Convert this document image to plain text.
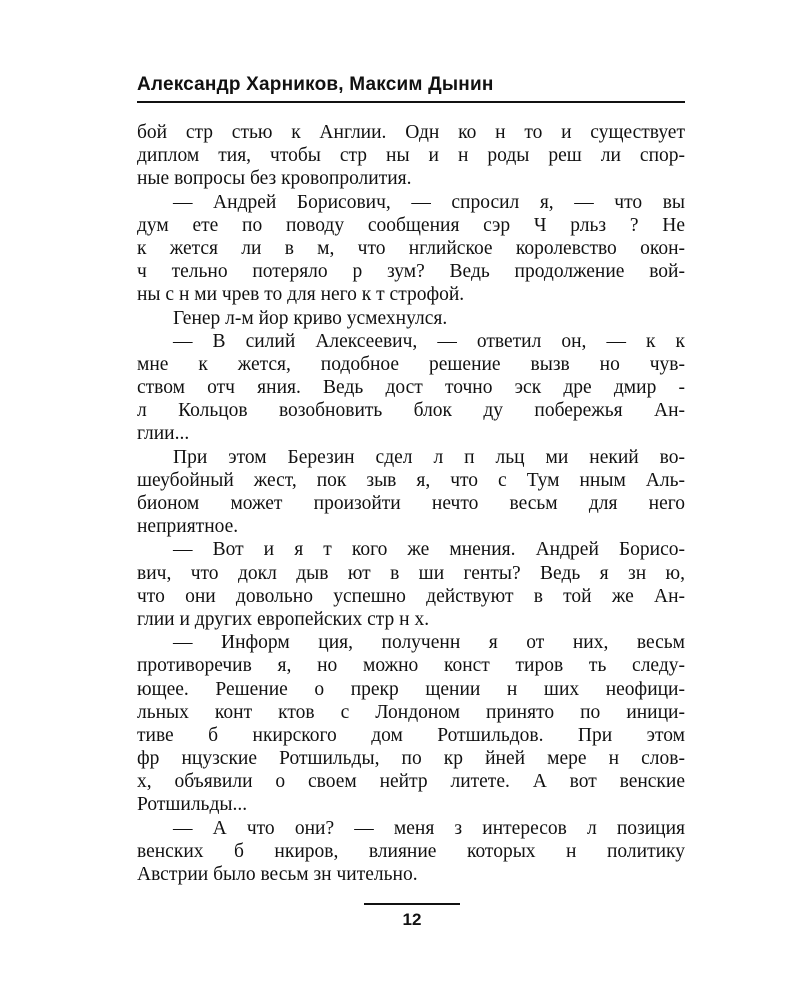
Александр Харников, Максим Дынин
бой стр стью к Англии. Одн ко н то и существует
диплом тия, чтобы стр ны и н роды реш ли спор-
ные вопросы без кровопролития.
— Андрей Борисович, — спросил я, — что вы
дум ете по поводу сообщения сэр Ч рльз ? Не
к жется ли в м, что нглийское королевство окон-
ч тельно потеряло р зум? Ведь продолжение вой-
ны с н ми чрев то для него к т строфой.
Генер л-м йор криво усмехнулся.
— В силий Алексеевич, — ответил он, — к к
мне к жется, подобное решение вызв но чув-
ством отч яния. Ведь дост точно эск дре дмир -
л Кольцов возобновить блок ду побережья Ан-
глии...
При этом Березин сдел л п льц ми некий во-
шеубойный жест, пок зыв я, что с Тум нным Аль-
бионом может произойти нечто весьм для него
неприятное.
— Вот и я т кого же мнения. Андрей Борисо-
вич, что докл дыв ют в ши генты? Ведь я зн ю,
что они довольно успешно действуют в той же Ан-
глии и других европейских стр н х.
— Информ ция, полученн я от них, весьм
противоречив я, но можно конст тиров ть следу-
ющее. Решение о прекр щении н ших неофици-
льных конт ктов с Лондоном принято по иници-
тиве б нкирского дом Ротшильдов. При этом
фр нцузские Ротшильды, по кр йней мере н слов-
х, объявили о своем нейтр литете. А вот венские
Ротшильды...
— А что они? — меня з интересов л позиция
венских б нкиров, влияние которых н политику
Австрии было весьм зн чительно.
12
